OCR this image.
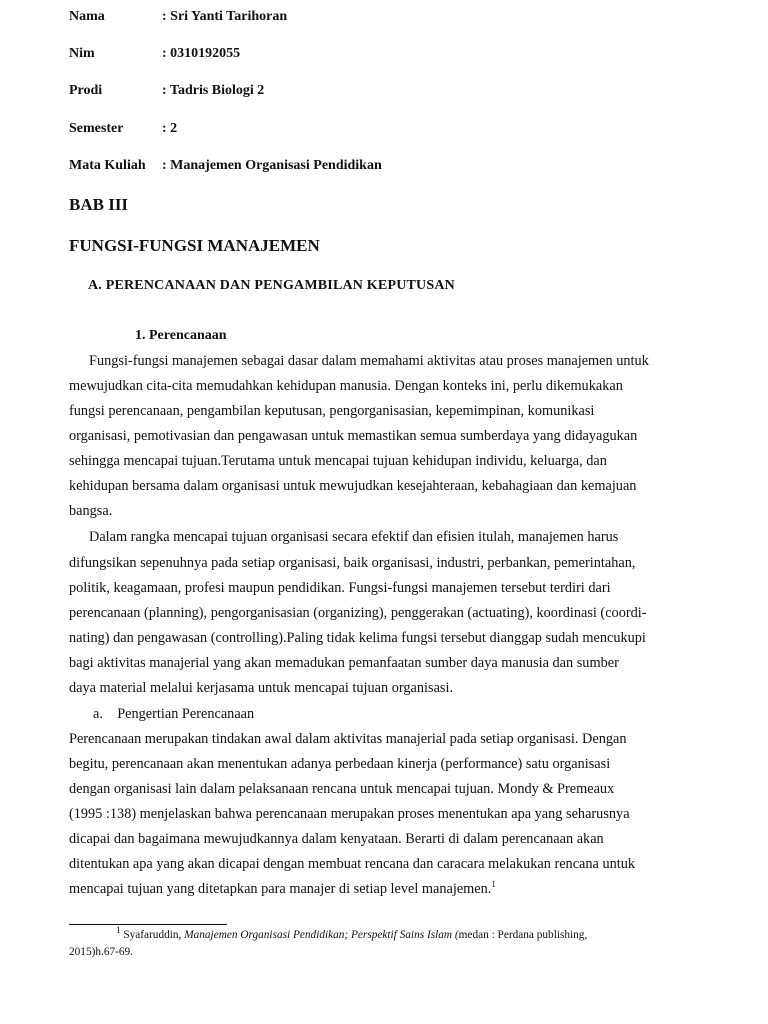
Nama	: Sri Yanti Tarihoran
Nim	: 0310192055
Prodi	: Tadris Biologi 2
Semester	: 2
Mata Kuliah : Manajemen Organisasi Pendidikan
BAB III
FUNGSI-FUNGSI MANAJEMEN
A. PERENCANAAN DAN PENGAMBILAN KEPUTUSAN
1. Perencanaan
Fungsi-fungsi manajemen sebagai dasar dalam memahami aktivitas atau proses manajemen untuk
mewujudkan cita-cita memudahkan kehidupan manusia. Dengan konteks ini, perlu dikemukakan
fungsi perencanaan, pengambilan keputusan, pengorganisasian, kepemimpinan, komunikasi
organisasi, pemotivasian dan pengawasan untuk memastikan semua sumberdaya yang didayagukan
sehingga mencapai tujuan.Terutama untuk mencapai tujuan kehidupan individu, keluarga, dan
kehidupan bersama dalam organisasi untuk mewujudkan kesejahteraan, kebahagiaan dan kemajuan
bangsa.
Dalam rangka mencapai tujuan organisasi secara efektif dan efisien itulah, manajemen harus
difungsikan sepenuhnya pada setiap organisasi, baik organisasi, industri, perbankan, pemerintahan,
politik, keagamaan, profesi maupun pendidikan. Fungsi-fungsi manajemen tersebut terdiri dari
perencanaan (planning), pengorganisasian (organizing), penggerakan (actuating), koordinasi (coordi-
nating) dan pengawasan (controlling).Paling tidak kelima fungsi tersebut dianggap sudah mencukupi
bagi aktivitas manajerial yang akan memadukan pemanfaatan sumber daya manusia dan sumber
daya material melalui kerjasama untuk mencapai tujuan organisasi.
a.    Pengertian Perencanaan
Perencanaan merupakan tindakan awal dalam aktivitas manajerial pada setiap organisasi. Dengan
begitu, perencanaan akan menentukan adanya perbedaan kinerja (performance) satu organisasi
dengan organisasi lain dalam pelaksanaan rencana untuk mencapai tujuan. Mondy & Premeaux
(1995 :138) menjelaskan bahwa perencanaan merupakan proses menentukan apa yang seharusnya
dicapai dan bagaimana mewujudkannya dalam kenyataan. Berarti di dalam perencanaan akan
ditentukan apa yang akan dicapai dengan membuat rencana dan caracara melakukan rencana untuk
mencapai tujuan yang ditetapkan para manajer di setiap level manajemen.$^1$
$^1$ Syafaruddin, Manajemen Organisasi Pendidikan; Perspektif Sains Islam (medan : Perdana publishing,
2015)h.67-69.
